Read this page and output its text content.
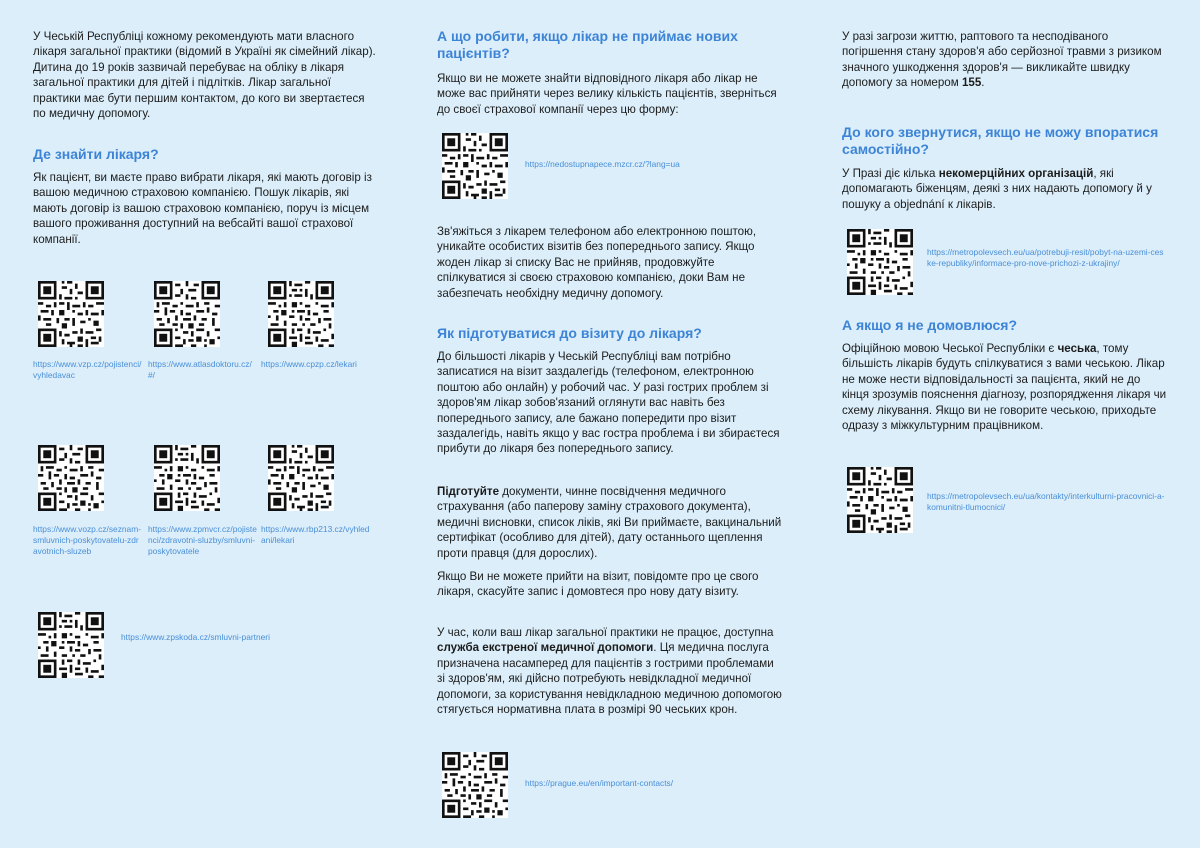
У Чеській Республіці кожному рекомендують мати власного лікаря загальної практики (відомий в Україні як сімейний лікар). Дитина до 19 років зазвичай перебуває на обліку в лікаря загальної практики для дітей і підлітків. Лікар загальної практики має бути першим контактом, до кого ви звертаєтеся по медичну допомогу.

Де знайти лікаря?

Як пацієнт, ви маєте право вибрати лікаря, які мають договір із вашою медичною страховою компанією. Пошук лікарів, які мають договір із вашою страховою компанією, поруч із місцем вашого проживання доступний на вебсайті вашої страхової компанії.

https://www.vzp.cz/pojistenci/vyhledavac
https://www.atlasdoktoru.cz/#/
https://www.cpzp.cz/lekari
https://www.vozp.cz/seznam-smluvnich-poskytovatelu-zdravotnich-sluzeb
https://www.zpmvcr.cz/pojistenci/zdravotni-sluzby/smluvni-poskytovatele
https://www.rbp213.cz/vyhledani/lekari
https://www.zpskoda.cz/smluvni-partneri
А що робити, якщо лікар не приймає нових пацієнтів?

Якщо ви не можете знайти відповідного лікаря або лікар не може вас прийняти через велику кількість пацієнтів, зверніться до своєї страхової компанії через цю форму:

https://nedostupnapece.mzcr.cz/?lang=ua

Зв'яжіться з лікарем телефоном або електронною поштою, уникайте особистих візитів без попереднього запису. Якщо жоден лікар зі списку Вас не прийняв, продовжуйте спілкуватися зі своєю страховою компанією, доки Вам не забезпечать необхідну медичну допомогу.

Як підготуватися до візиту до лікаря?

До більшості лікарів у Чеській Республіці вам потрібно записатися на візит заздалегідь (телефоном, електронною поштою або онлайн) у робочий час. У разі гострих проблем зі здоров'ям лікар зобов'язаний оглянути вас навіть без попереднього запису, але бажано попередити про візит заздалегідь, навіть якщо у вас гостра проблема і ви збираєтеся прибути до лікаря без попереднього запису.

Підготуйте документи, чинне посвідчення медичного страхування (або паперову заміну страхового документа), медичні висновки, список ліків, які Ви приймаєте, вакцинальний сертифікат (особливо для дітей), дату останнього щеплення проти правця (для дорослих).

Якщо Ви не можете прийти на візит, повідомте про це свого лікаря, скасуйте запис і домовтеся про нову дату візиту.

У час, коли ваш лікар загальної практики не працює, доступна служба екстреної медичної допомоги. Ця медична послуга призначена насамперед для пацієнтів з гострими проблемами зі здоров'ям, які дійсно потребують невідкладної медичної допомоги, за користування невідкладною медичною допомогою стягується нормативна плата в розмірі 90 чеських крон.

https://prague.eu/en/important-contacts/

У разі загрози життю, раптового та несподіваного погіршення стану здоров'я або серйозної травми з ризиком значного ушкодження здоров'я — викликайте швидку допомогу за номером 155.

До кого звернутися, якщо не можу впоратися самостійно?

У Празі діє кілька некомерційних організацій, які допомагають біженцям, деякі з них надають допомогу й у пошуку а objednání к лікарів.

https://metropolevsech.eu/ua/potrebuji-resit/pobyt-na-uzemi-ceske-republiky/informace-pro-nove-prichozi-z-ukrajiny/
А якщо я не домовлюся?

Офіційною мовою Чеської Республіки є чеська, тому більшість лікарів будуть спілкуватися з вами чеською. Лікар не може нести відповідальності за пацієнта, який не до кінця зрозумів пояснення діагнозу, розпорядження лікаря чи схему лікування. Якщо ви не говорите чеською, приходьте одразу з міжкультурним працівником.

https://metropolevsech.eu/ua/kontakty/interkulturni-pracovnici-a-komunitni-tlumocnici/
